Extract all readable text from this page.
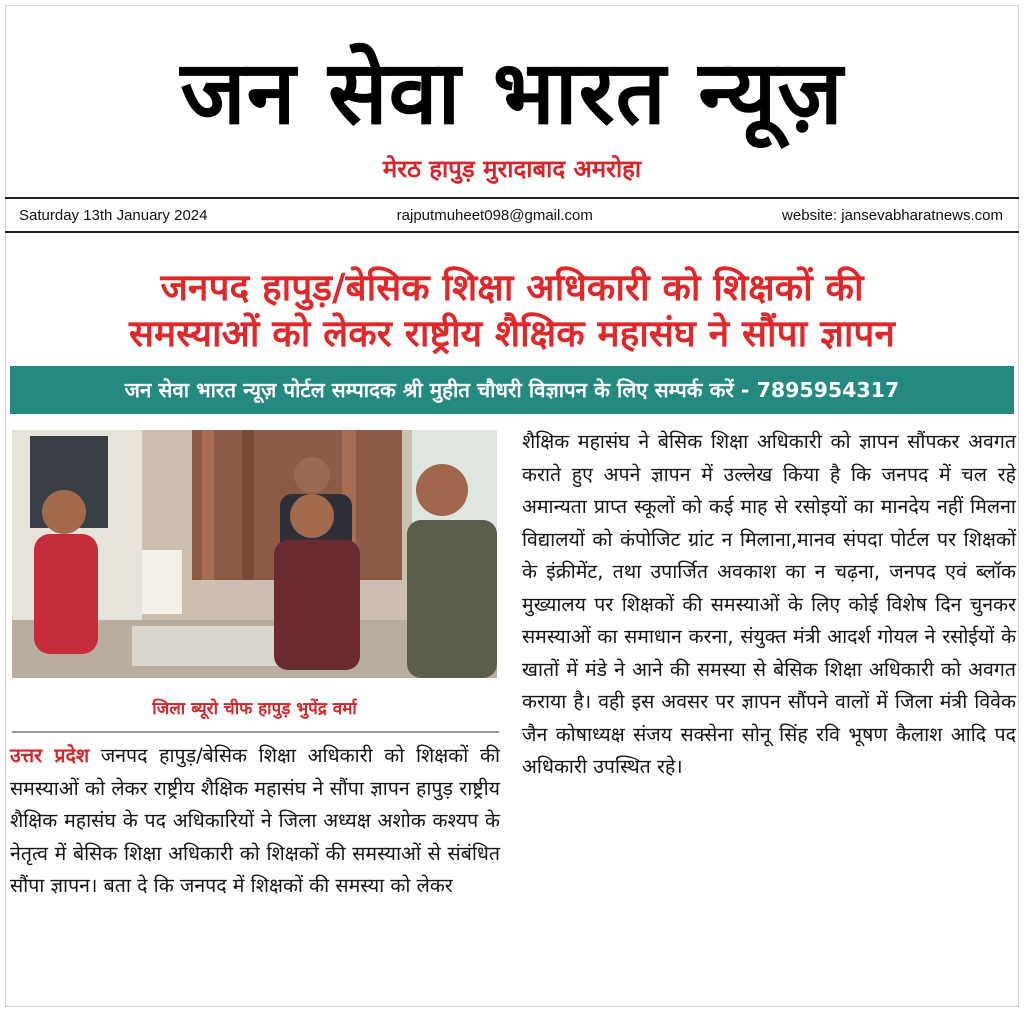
जन सेवा भारत न्यूज़
मेरठ हापुड़ मुरादाबाद अमरोहा
Saturday 13th January 2024	rajputmuheet098@gmail.com	website: jansevabharatnews.com
जनपद हापुड़/बेसिक शिक्षा अधिकारी को शिक्षकों की
समस्याओं को लेकर राष्ट्रीय शैक्षिक महासंघ ने सौंपा ज्ञापन
जन सेवा भारत न्यूज़ पोर्टल सम्पादक श्री मुहीत चौधरी विज्ञापन के लिए सम्पर्क करें - 7895954317
जिला ब्यूरो चीफ हापुड़ भुपेंद्र वर्मा
उत्तर प्रदेश जनपद हापुड़/बेसिक शिक्षा अधिकारी को शिक्षकों की समस्याओं को लेकर राष्ट्रीय शैक्षिक महासंघ ने सौंपा ज्ञापन हापुड़ राष्ट्रीय शैक्षिक महासंघ के पद अधिकारियों ने जिला अध्यक्ष अशोक कश्यप के नेतृत्व में बेसिक शिक्षा अधिकारी को शिक्षकों की समस्याओं से संबंधित सौंपा ज्ञापन। बता दे कि जनपद में शिक्षकों की समस्या को लेकर
शैक्षिक महासंघ ने बेसिक शिक्षा अधिकारी को ज्ञापन सौंपकर अवगत कराते हुए अपने ज्ञापन में उल्लेख किया है कि जनपद में चल रहे अमान्यता प्राप्त स्कूलों को कई माह से रसोइयों का मानदेय नहीं मिलना विद्यालयों को कंपोजिट ग्रांट न मिलाना,मानव संपदा पोर्टल पर शिक्षकों के इंक्रीमेंट, तथा उपार्जित अवकाश का न चढ़ना, जनपद एवं ब्लॉक मुख्यालय पर शिक्षकों की समस्याओं के लिए कोई विशेष दिन चुनकर समस्याओं का समाधान करना, संयुक्त मंत्री आदर्श गोयल ने रसोईयों के खातों में मंडे ने आने की समस्या से बेसिक शिक्षा अधिकारी को अवगत कराया है। वही इस अवसर पर ज्ञापन सौंपने वालों में जिला मंत्री विवेक जैन कोषाध्यक्ष संजय सक्सेना सोनू सिंह रवि भूषण कैलाश आदि पद अधिकारी उपस्थित रहे।
